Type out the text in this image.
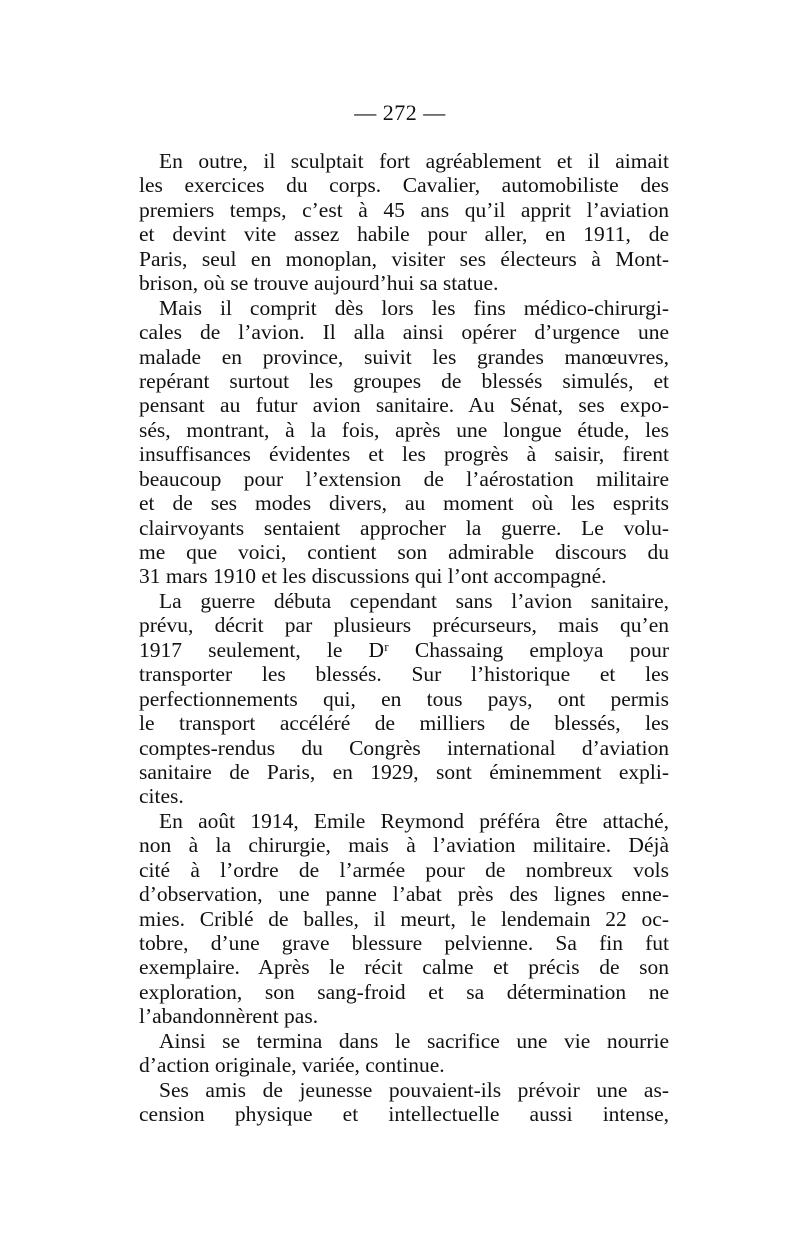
— 272 —
En outre, il sculptait fort agréablement et il aimait
les exercices du corps. Cavalier, automobiliste des
premiers temps, c’est à 45 ans qu’il apprit l’aviation
et devint vite assez habile pour aller, en 1911, de
Paris, seul en monoplan, visiter ses électeurs à Mont-
brison, où se trouve aujourd’hui sa statue.
Mais il comprit dès lors les fins médico-chirurgi-
cales de l’avion. Il alla ainsi opérer d’urgence une
malade en province, suivit les grandes manœuvres,
repérant surtout les groupes de blessés simulés, et
pensant au futur avion sanitaire. Au Sénat, ses expo-
sés, montrant, à la fois, après une longue étude, les
insuffisances évidentes et les progrès à saisir, firent
beaucoup pour l’extension de l’aérostation militaire
et de ses modes divers, au moment où les esprits
clairvoyants sentaient approcher la guerre. Le volu-
me que voici, contient son admirable discours du
31 mars 1910 et les discussions qui l’ont accompagné.
La guerre débuta cependant sans l’avion sanitaire,
prévu, décrit par plusieurs précurseurs, mais qu’en
1917 seulement, le Dʳ Chassaing employa pour
transporter les blessés. Sur l’historique et les
perfectionnements qui, en tous pays, ont permis
le transport accéléré de milliers de blessés, les
comptes-rendus du Congrès international d’aviation
sanitaire de Paris, en 1929, sont éminemment expli-
cites.
En août 1914, Emile Reymond préféra être attaché,
non à la chirurgie, mais à l’aviation militaire. Déjà
cité à l’ordre de l’armée pour de nombreux vols
d’observation, une panne l’abat près des lignes enne-
mies. Criblé de balles, il meurt, le lendemain 22 oc-
tobre, d’une grave blessure pelvienne. Sa fin fut
exemplaire. Après le récit calme et précis de son
exploration, son sang-froid et sa détermination ne
l’abandonnèrent pas.
Ainsi se termina dans le sacrifice une vie nourrie
d’action originale, variée, continue.
Ses amis de jeunesse pouvaient-ils prévoir une as-
cension physique et intellectuelle aussi intense,
